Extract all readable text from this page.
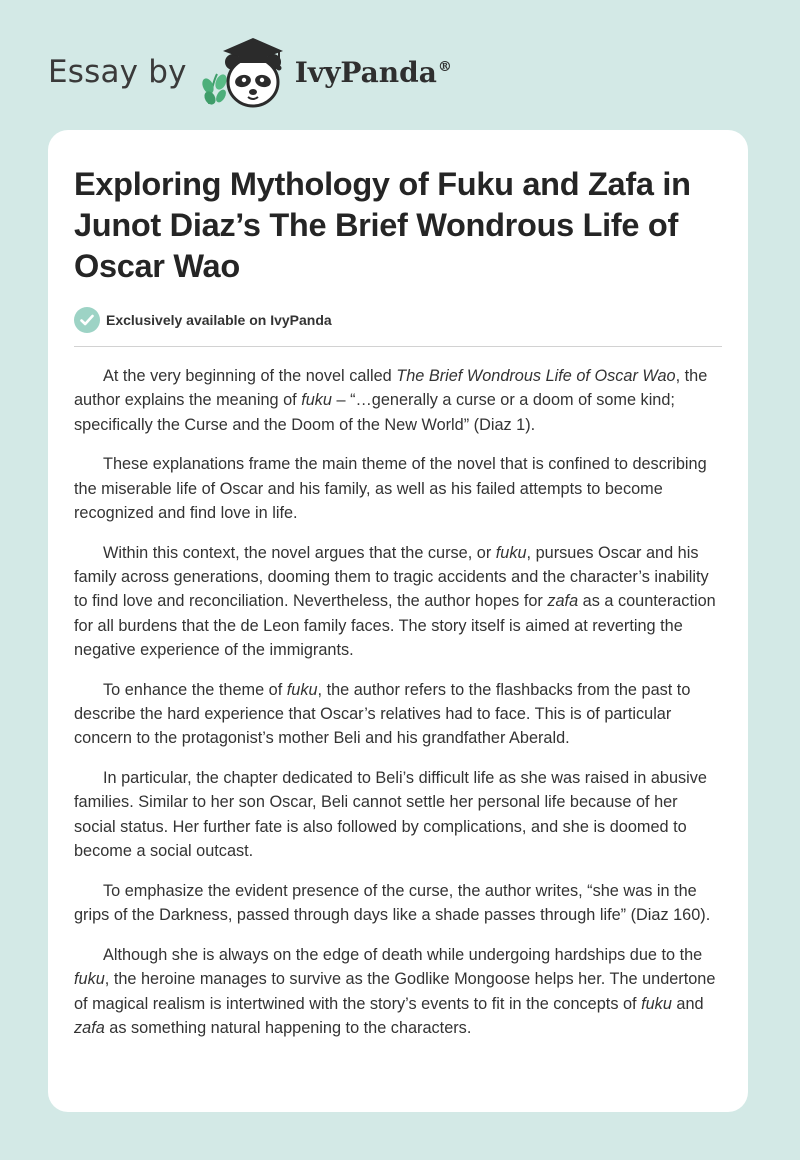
Essay by	IvyPanda®
Exploring Mythology of Fuku and Zafa in Junot Diaz’s The Brief Wondrous Life of Oscar Wao
Exclusively available on IvyPanda

At the very beginning of the novel called The Brief Wondrous Life of Oscar Wao, the author explains the meaning of fuku – “…generally a curse or a doom of some kind; specifically the Curse and the Doom of the New World” (Diaz 1).

These explanations frame the main theme of the novel that is confined to describing the miserable life of Oscar and his family, as well as his failed attempts to become recognized and find love in life.

Within this context, the novel argues that the curse, or fuku, pursues Oscar and his family across generations, dooming them to tragic accidents and the character’s inability to find love and reconciliation. Nevertheless, the author hopes for zafa as a counteraction for all burdens that the de Leon family faces. The story itself is aimed at reverting the negative experience of the immigrants.

To enhance the theme of fuku, the author refers to the flashbacks from the past to describe the hard experience that Oscar’s relatives had to face. This is of particular concern to the protagonist’s mother Beli and his grandfather Aberald.

In particular, the chapter dedicated to Beli’s difficult life as she was raised in abusive families. Similar to her son Oscar, Beli cannot settle her personal life because of her social status. Her further fate is also followed by complications, and she is doomed to become a social outcast.

To emphasize the evident presence of the curse, the author writes, “she was in the grips of the Darkness, passed through days like a shade passes through life” (Diaz 160).

Although she is always on the edge of death while undergoing hardships due to the fuku, the heroine manages to survive as the Godlike Mongoose helps her. The undertone of magical realism is intertwined with the story’s events to fit in the concepts of fuku and zafa as something natural happening to the characters.
